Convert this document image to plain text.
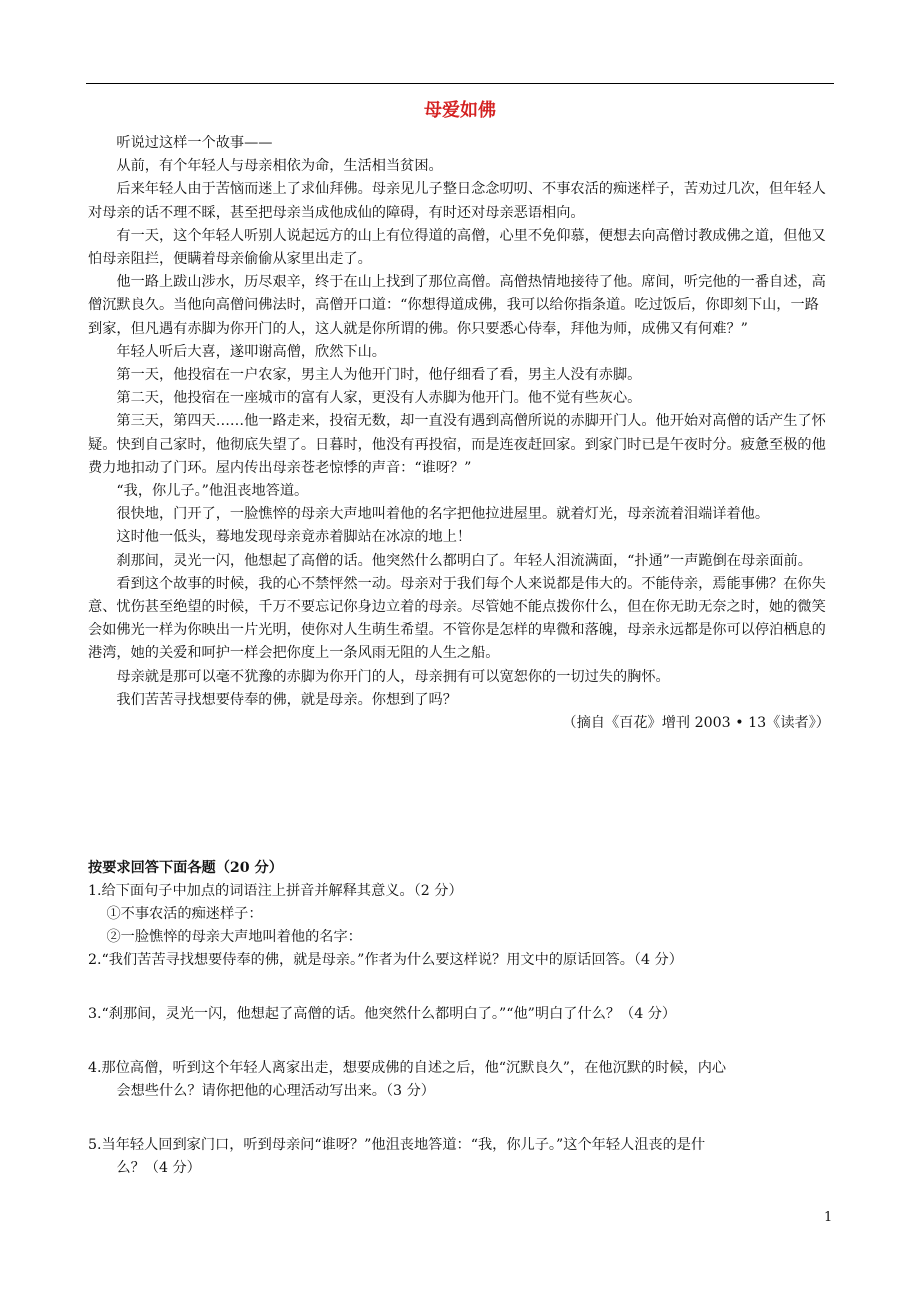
母爱如佛

听说过这样一个故事——

从前，有个年轻人与母亲相依为命，生活相当贫困。

后来年轻人由于苦恼而迷上了求仙拜佛。母亲见儿子整日念念叨叨、不事农活的痴迷样子，苦劝过几次，但年轻人对母亲的话不理不睬，甚至把母亲当成他成仙的障碍，有时还对母亲恶语相向。

有一天，这个年轻人听别人说起远方的山上有位得道的高僧，心里不免仰慕，便想去向高僧讨教成佛之道，但他又怕母亲阻拦，便瞒着母亲偷偷从家里出走了。

他一路上跋山涉水，历尽艰辛，终于在山上找到了那位高僧。高僧热情地接待了他。席间，听完他的一番自述，高僧沉默良久。当他向高僧问佛法时，高僧开口道：“你想得道成佛，我可以给你指条道。吃过饭后，你即刻下山，一路到家，但凡遇有赤脚为你开门的人，这人就是你所谓的佛。你只要悉心侍奉，拜他为师，成佛又有何难？”

年轻人听后大喜，遂叩谢高僧，欣然下山。

第一天，他投宿在一户农家，男主人为他开门时，他仔细看了看，男主人没有赤脚。

第二天，他投宿在一座城市的富有人家，更没有人赤脚为他开门。他不觉有些灰心。

第三天，第四天……他一路走来，投宿无数，却一直没有遇到高僧所说的赤脚开门人。他开始对高僧的话产生了怀疑。快到自己家时，他彻底失望了。日暮时，他没有再投宿，而是连夜赶回家。到家门时已是午夜时分。疲惫至极的他费力地扣动了门环。屋内传出母亲苍老惊悸的声音：“谁呀？”

“我，你儿子。”他沮丧地答道。

很快地，门开了，一脸憔悴的母亲大声地叫着他的名字把他拉进屋里。就着灯光，母亲流着泪端详着他。

这时他一低头，蓦地发现母亲竟赤着脚站在冰凉的地上！

刹那间，灵光一闪，他想起了高僧的话。他突然什么都明白了。年轻人泪流满面，“扑通”一声跪倒在母亲面前。

看到这个故事的时候，我的心不禁怦然一动。母亲对于我们每个人来说都是伟大的。不能侍亲，焉能事佛？在你失意、忧伤甚至绝望的时候，千万不要忘记你身边立着的母亲。尽管她不能点拨你什么，但在你无助无奈之时，她的微笑会如佛光一样为你映出一片光明，使你对人生萌生希望。不管你是怎样的卑微和落魄，母亲永远都是你可以停泊栖息的港湾，她的关爱和呵护一样会把你度上一条风雨无阻的人生之船。

母亲就是那可以毫不犹豫的赤脚为你开门的人，母亲拥有可以宽恕你的一切过失的胸怀。

我们苦苦寻找想要侍奉的佛，就是母亲。你想到了吗？

（摘自《百花》增刊 2003 • 13《读者》）

按要求回答下面各题（20 分）
1.给下面句子中加点的词语注上拼音并解释其意义。（2 分）
①不事农活的痴迷样子：
②一脸憔悴的母亲大声地叫着他的名字：
2.“我们苦苦寻找想要侍奉的佛，就是母亲。”作者为什么要这样说？用文中的原话回答。（4 分）
3.“刹那间，灵光一闪，他想起了高僧的话。他突然什么都明白了。”“他”明白了什么？（4 分）
4.那位高僧，听到这个年轻人离家出走，想要成佛的自述之后，他“沉默良久”，在他沉默的时候，内心
会想些什么？请你把他的心理活动写出来。（3 分）
5.当年轻人回到家门口，听到母亲问“谁呀？”他沮丧地答道：“我，你儿子。”这个年轻人沮丧的是什
么？（4 分）
1
